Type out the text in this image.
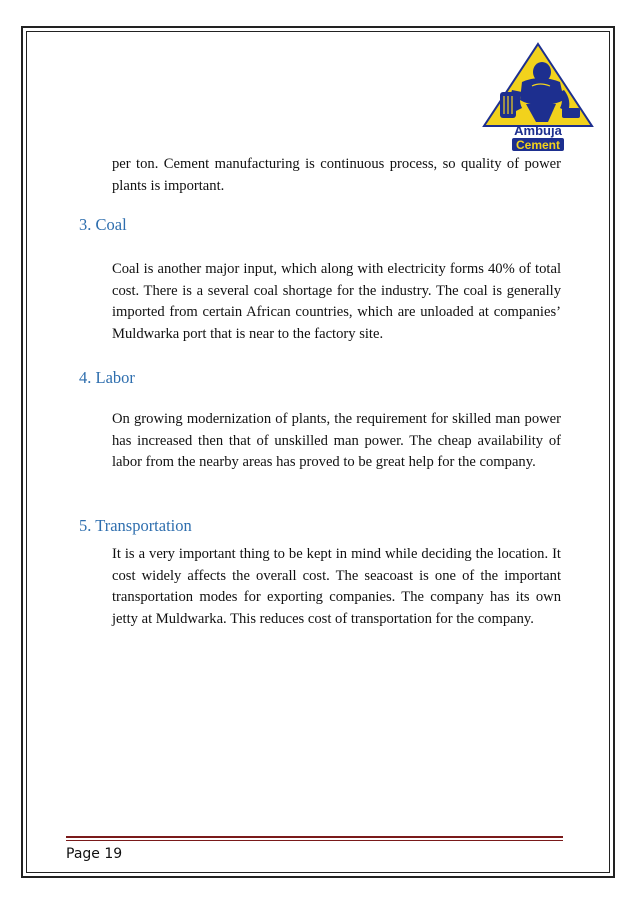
Ambuja
Cement

per ton. Cement manufacturing is continuous process, so quality of power plants is important.

3. Coal

Coal is another major input, which along with electricity forms 40% of total cost. There is a several coal shortage for the industry. The coal is generally imported from certain African countries, which are unloaded at companies’ Muldwarka port that is near to the factory site.

4. Labor

On growing modernization of plants, the requirement for skilled man power has increased then that of unskilled man power. The cheap availability of labor from the nearby areas has proved to be great help for the company.

5. Transportation

It is a very important thing to be kept in mind while deciding the location. It cost widely affects the overall cost. The seacoast is one of the important transportation modes for exporting companies. The company has its own jetty at Muldwarka. This reduces cost of transportation for the company.

Page 19
